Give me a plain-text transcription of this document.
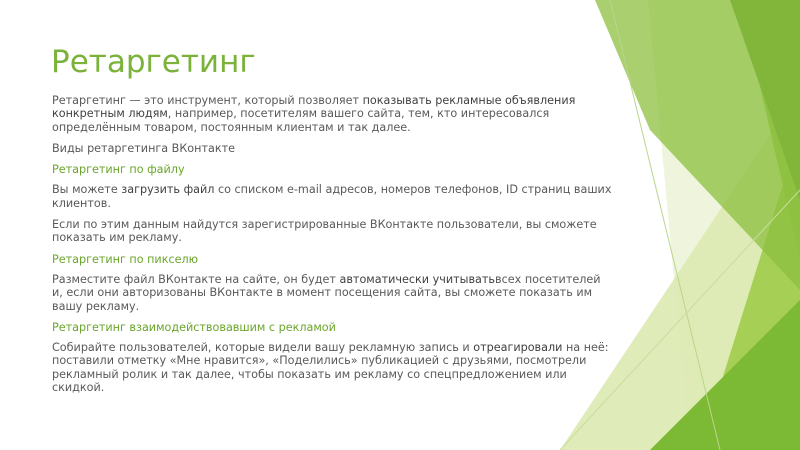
Ретаргетинг

Ретаргетинг — это инструмент, который позволяет показывать рекламные объявления конкретным людям, например, посетителям вашего сайта, тем, кто интересовался определённым товаром, постоянным клиентам и так далее.

Виды ретаргетинга ВКонтакте

Ретаргетинг по файлу

Вы можете загрузить файл со списком e-mail адресов, номеров телефонов, ID страниц ваших клиентов.

Если по этим данным найдутся зарегистрированные ВКонтакте пользователи, вы сможете показать им рекламу.

Ретаргетинг по пикселю

Разместите файл ВКонтакте на сайте, он будет автоматически учитыватьвсех посетителей и, если они авторизованы ВКонтакте в момент посещения сайта, вы сможете показать им вашу рекламу.

Ретаргетинг взаимодействовавшим с рекламой

Собирайте пользователей, которые видели вашу рекламную запись и отреагировали на неё: поставили отметку «Мне нравится», «Поделились» публикацией с друзьями, посмотрели рекламный ролик и так далее, чтобы показать им рекламу со спецпредложением или скидкой.
